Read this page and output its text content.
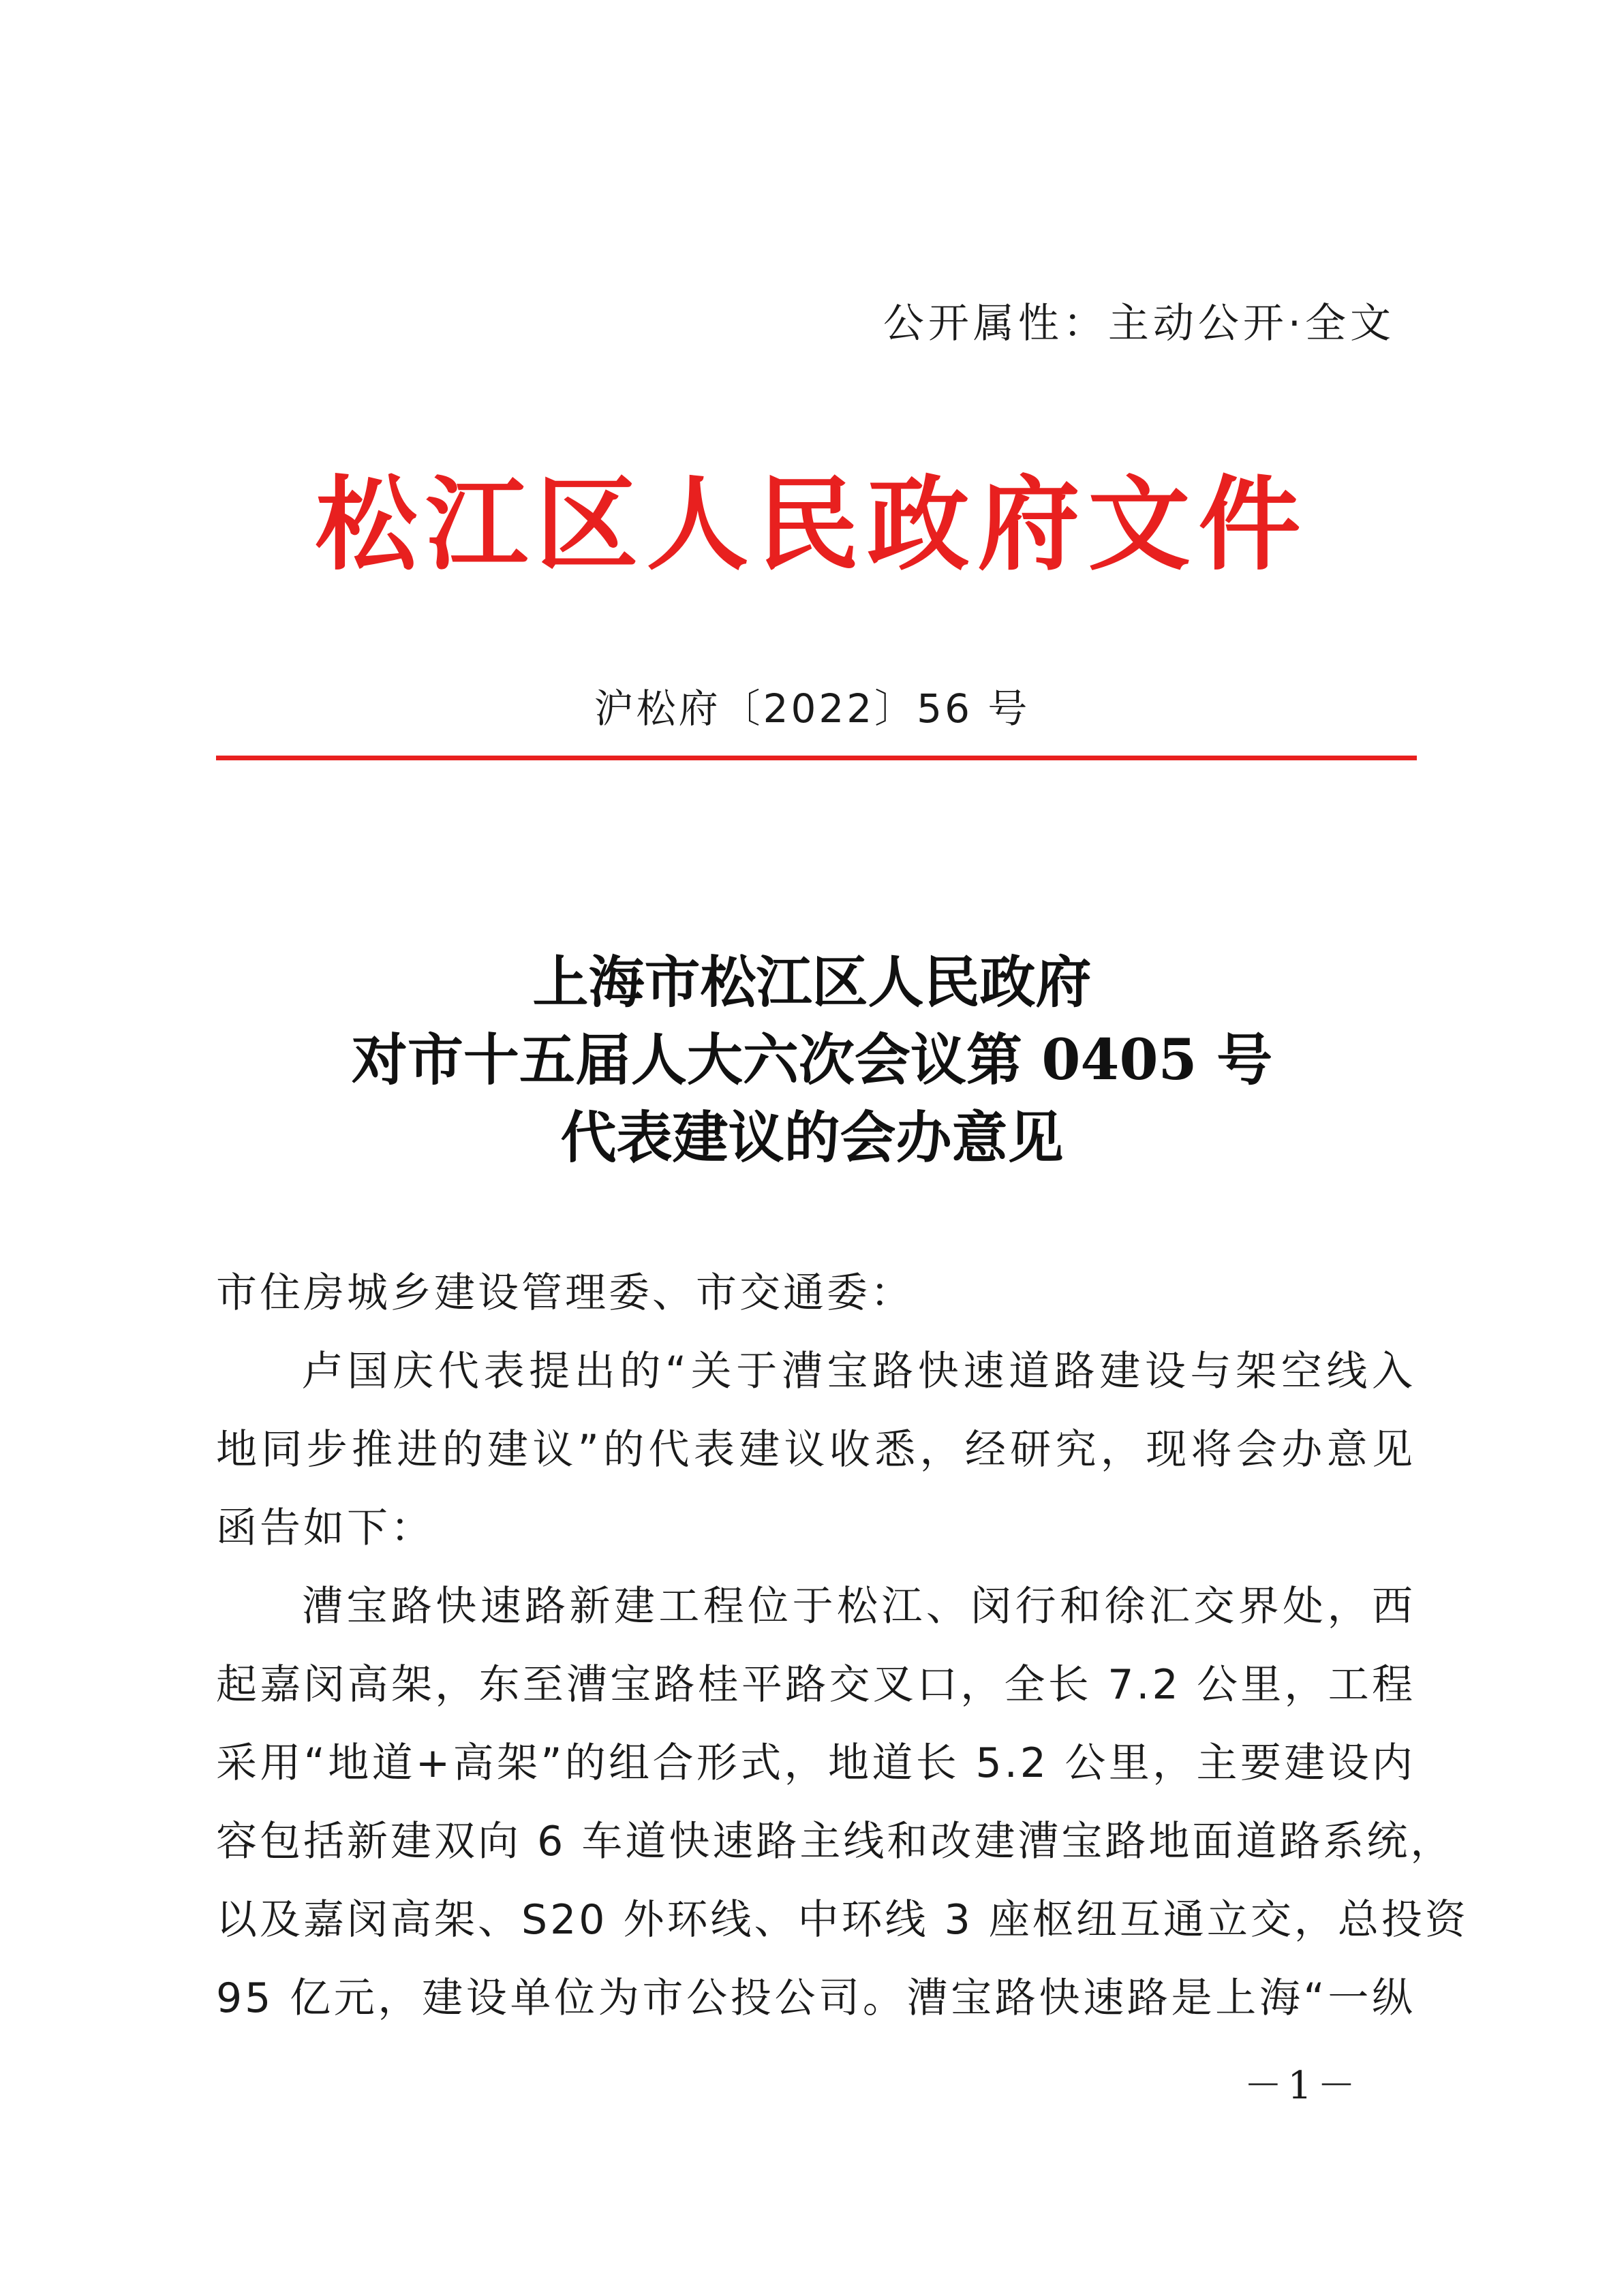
公开属性：主动公开·全文
松江区人民政府文件
沪松府〔2022〕56 号
上海市松江区人民政府
对市十五届人大六次会议第 0405 号
代表建议的会办意见
市住房城乡建设管理委、市交通委：
卢国庆代表提出的“关于漕宝路快速道路建设与架空线入
地同步推进的建议”的代表建议收悉，经研究，现将会办意见
函告如下：
漕宝路快速路新建工程位于松江、闵行和徐汇交界处，西
起嘉闵高架，东至漕宝路桂平路交叉口，全长 7.2 公里，工程
采用“地道+高架”的组合形式，地道长 5.2 公里，主要建设内
容包括新建双向 6 车道快速路主线和改建漕宝路地面道路系统，
以及嘉闵高架、S20 外环线、中环线 3 座枢纽互通立交，总投资
95 亿元，建设单位为市公投公司。漕宝路快速路是上海“一纵
－1－
